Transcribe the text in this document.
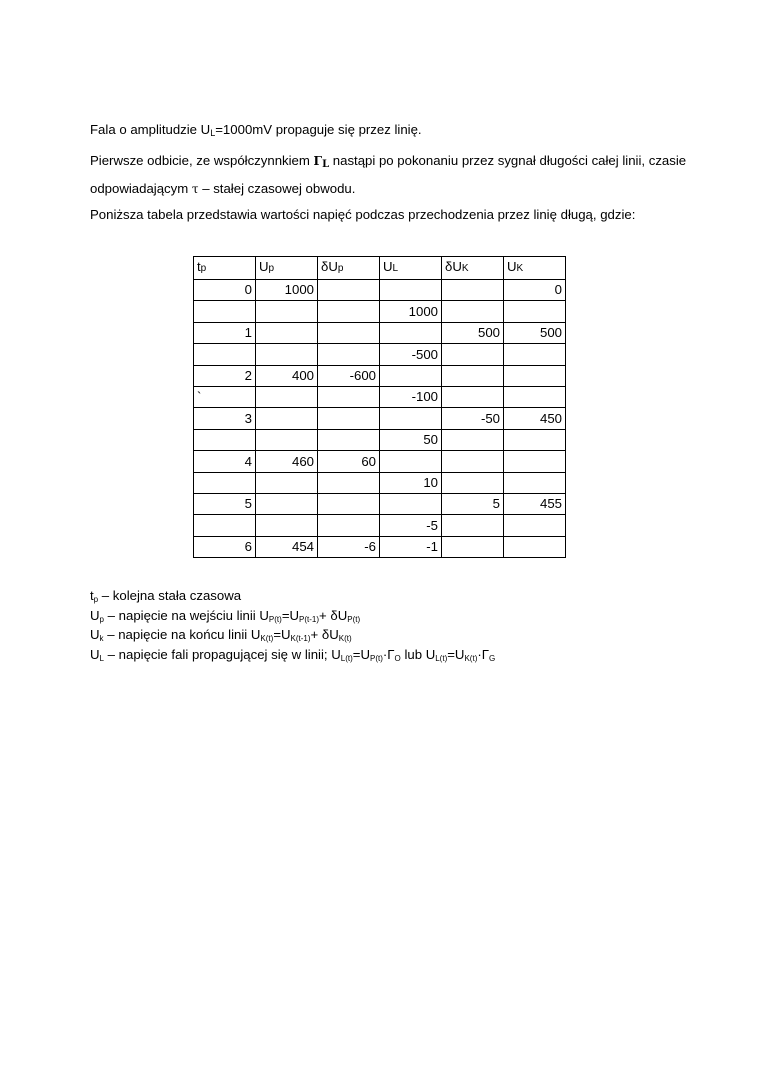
Fala o amplitudzie $U_L=1000mV$ propaguje się przez linię.

Pierwsze odbicie, ze współczynnkiem ΓL nastąpi po pokonaniu przez sygnał długości całej linii, czasie odpowiadającym τ – stałej czasowej obwodu.

Poniższa tabela przedstawia wartości napięć podczas przechodzenia przez linię długą, gdzie:

tp	Up	δUp	UL	δUK	UK
0	1000				0
			1000		
1				500	500
			-500		
2	400	-600			
`			-100		
3				-50	450
			50		
4	460	60			
			10		
5				5	455
			-5		
6	454	-6	-1		
$t_p$ – kolejna stała czasowa
$U_p$ – napięcie na wejściu linii $U_{P(t)}=U_{P(t-1)}+ \delta U_{P(t)}$
$U_k$ – napięcie na końcu linii $U_{K(t)}=U_{K(t-1)}+ \delta U_{K(t)}$
$U_L$ – napięcie fali propagującej się w linii; $U_{L(t)}=U_{P(t)}\cdot\Gamma_O$ lub $U_{L(t)}=U_{K(t)}\cdot\Gamma_G$
